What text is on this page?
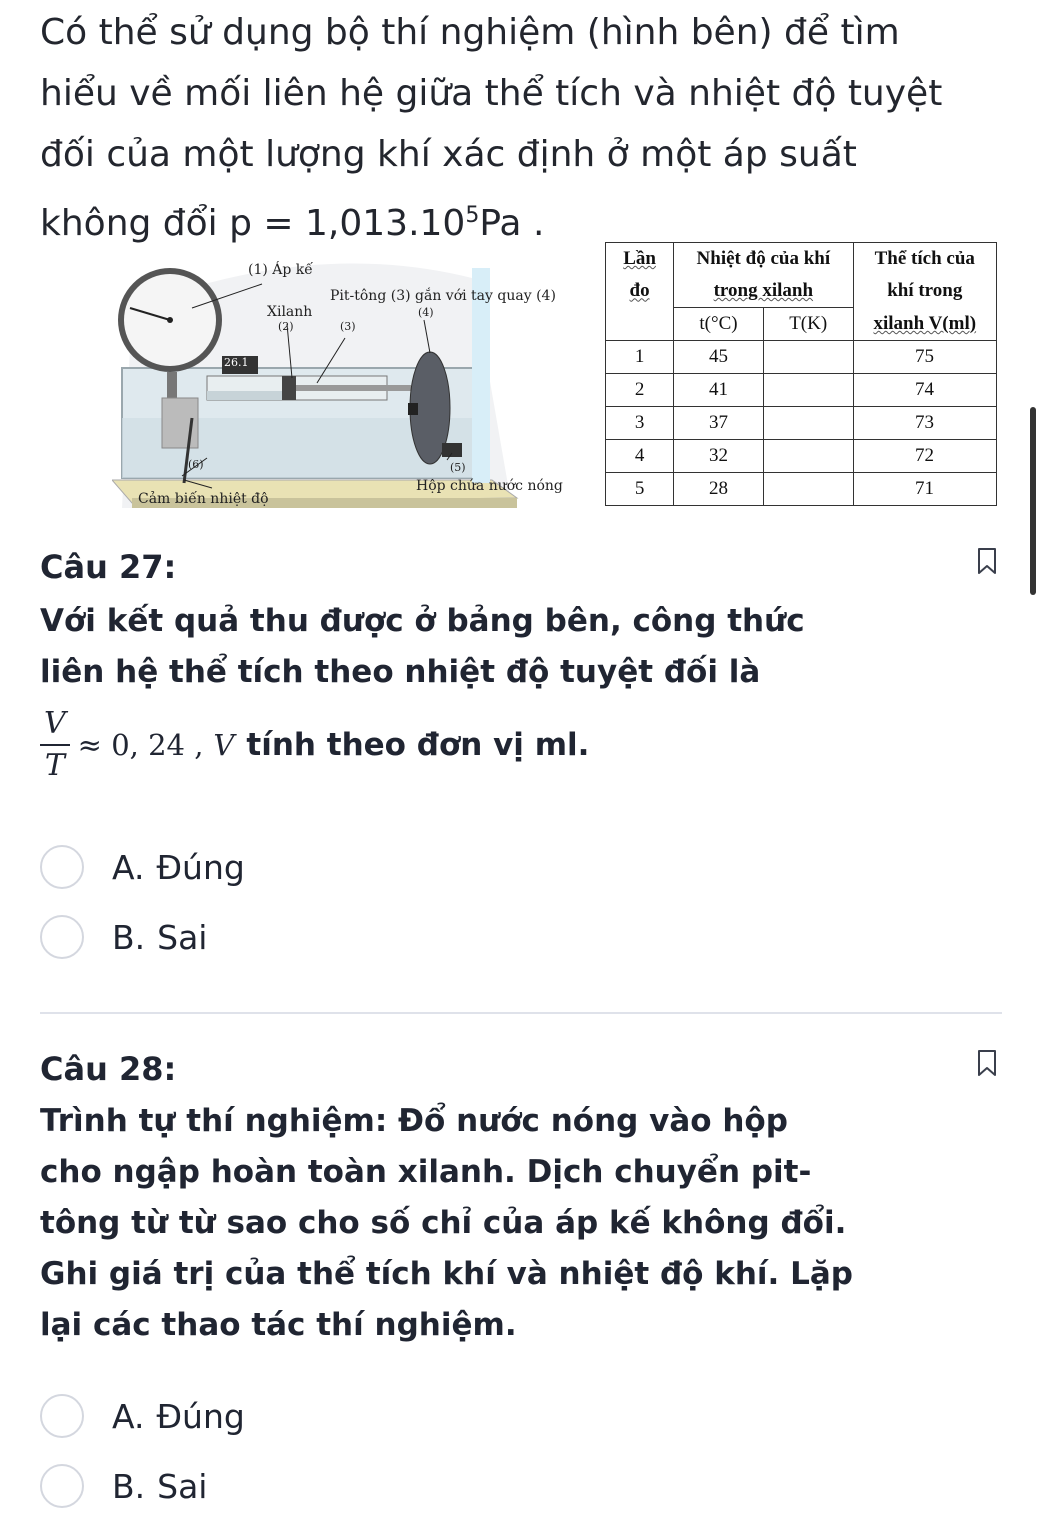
Có thể sử dụng bộ thí nghiệm (hình bên) để tìm
hiểu về mối liên hệ giữa thể tích và nhiệt độ tuyệt
đối của một lượng khí xác định ở một áp suất
không đổi $p = 1,013.10^5Pa$ .
(1) Áp kế
Pit-tông (3) gắn với tay quay (4)
(4)
Xilanh
(2)	(3)
26.1
(6)	(5)
Hộp chứa nước nóng
Cảm biến nhiệt độ
Lần	Nhiệt độ của khí		Thể tích của
đo	trong xilanh		khí trong
	t(°C)	T(K)	xilanh V(ml)
1	45		75
2	41		74
3	37		73
4	32		72
5	28		71
Câu 27:
Với kết quả thu được ở bảng bên, công thức
liên hệ thể tích theo nhiệt độ tuyệt đối là
$\frac{V}{T} \approx 0$, 24 , V tính theo đơn vị ml.
A. Đúng
B. Sai
Câu 28:
Trình tự thí nghiệm: Đổ nước nóng vào hộp
cho ngập hoàn toàn xilanh. Dịch chuyển pit-
tông từ từ sao cho số chỉ của áp kế không đổi.
Ghi giá trị của thể tích khí và nhiệt độ khí. Lặp
lại các thao tác thí nghiệm.
A. Đúng
B. Sai
